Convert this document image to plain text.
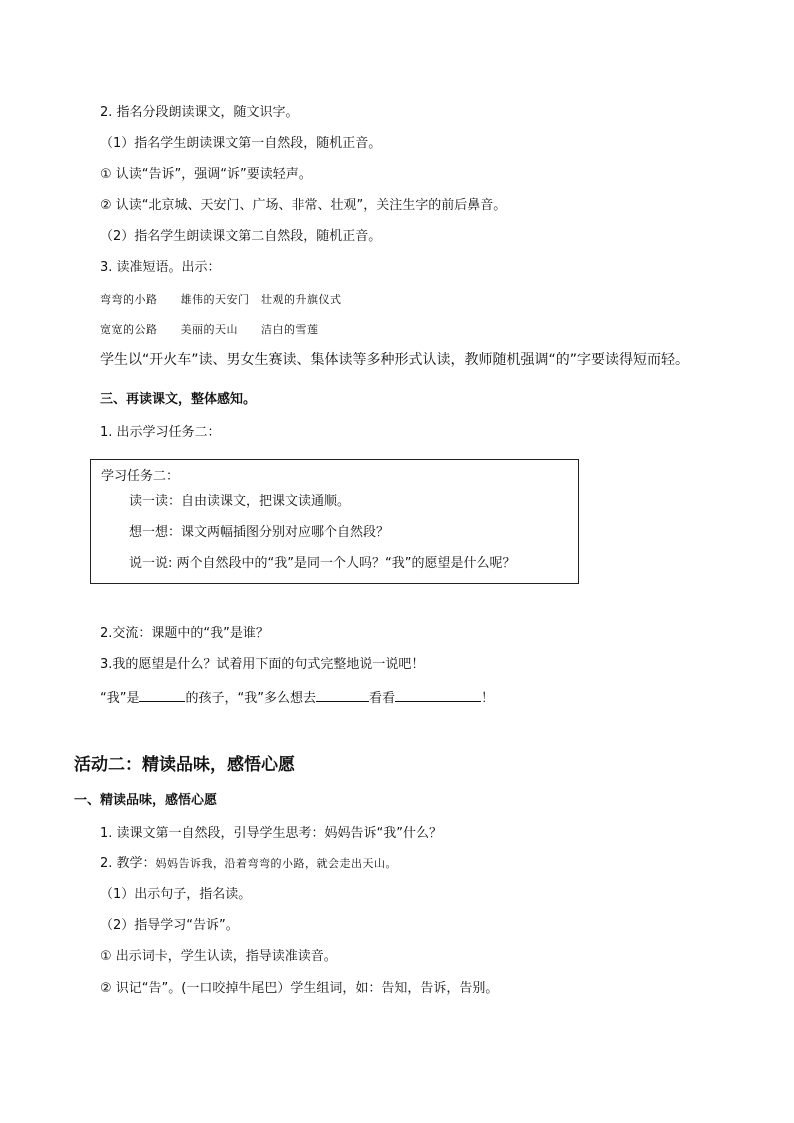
2. 指名分段朗读课文，随文识字。
（1）指名学生朗读课文第一自然段，随机正音。
① 认读“告诉”，强调“诉”要读轻声。
② 认读“北京城、天安门、广场、非常、壮观”，关注生字的前后鼻音。
（2）指名学生朗读课文第二自然段，随机正音。
3. 读准短语。出示：
弯弯的小路　　雄伟的天安门　壮观的升旗仪式
宽宽的公路　　美丽的天山　　洁白的雪莲
学生以“开火车”读、男女生赛读、集体读等多种形式认读，教师随机强调“的”字要读得短而轻。
三、再读课文，整体感知。
1. 出示学习任务二：
学习任务二：
读一读：自由读课文，把课文读通顺。
想一想：课文两幅插图分别对应哪个自然段？
说一说: 两个自然段中的“我”是同一个人吗？“我”的愿望是什么呢？
2.交流：课题中的“我”是谁？
3.我的愿望是什么？试着用下面的句式完整地说一说吧！
“我”是	的孩子，“我”多么想去	看看	！
活动二：精读品味，感悟心愿
一、精读品味，感悟心愿
1. 读课文第一自然段，引导学生思考：妈妈告诉“我”什么？
2. 教学：妈妈告诉我，沿着弯弯的小路，就会走出天山。
（1）出示句子，指名读。
（2）指导学习“告诉”。
① 出示词卡，学生认读，指导读准读音。
② 识记“告”。(一口咬掉牛尾巴）学生组词，如：告知，告诉，告别。
